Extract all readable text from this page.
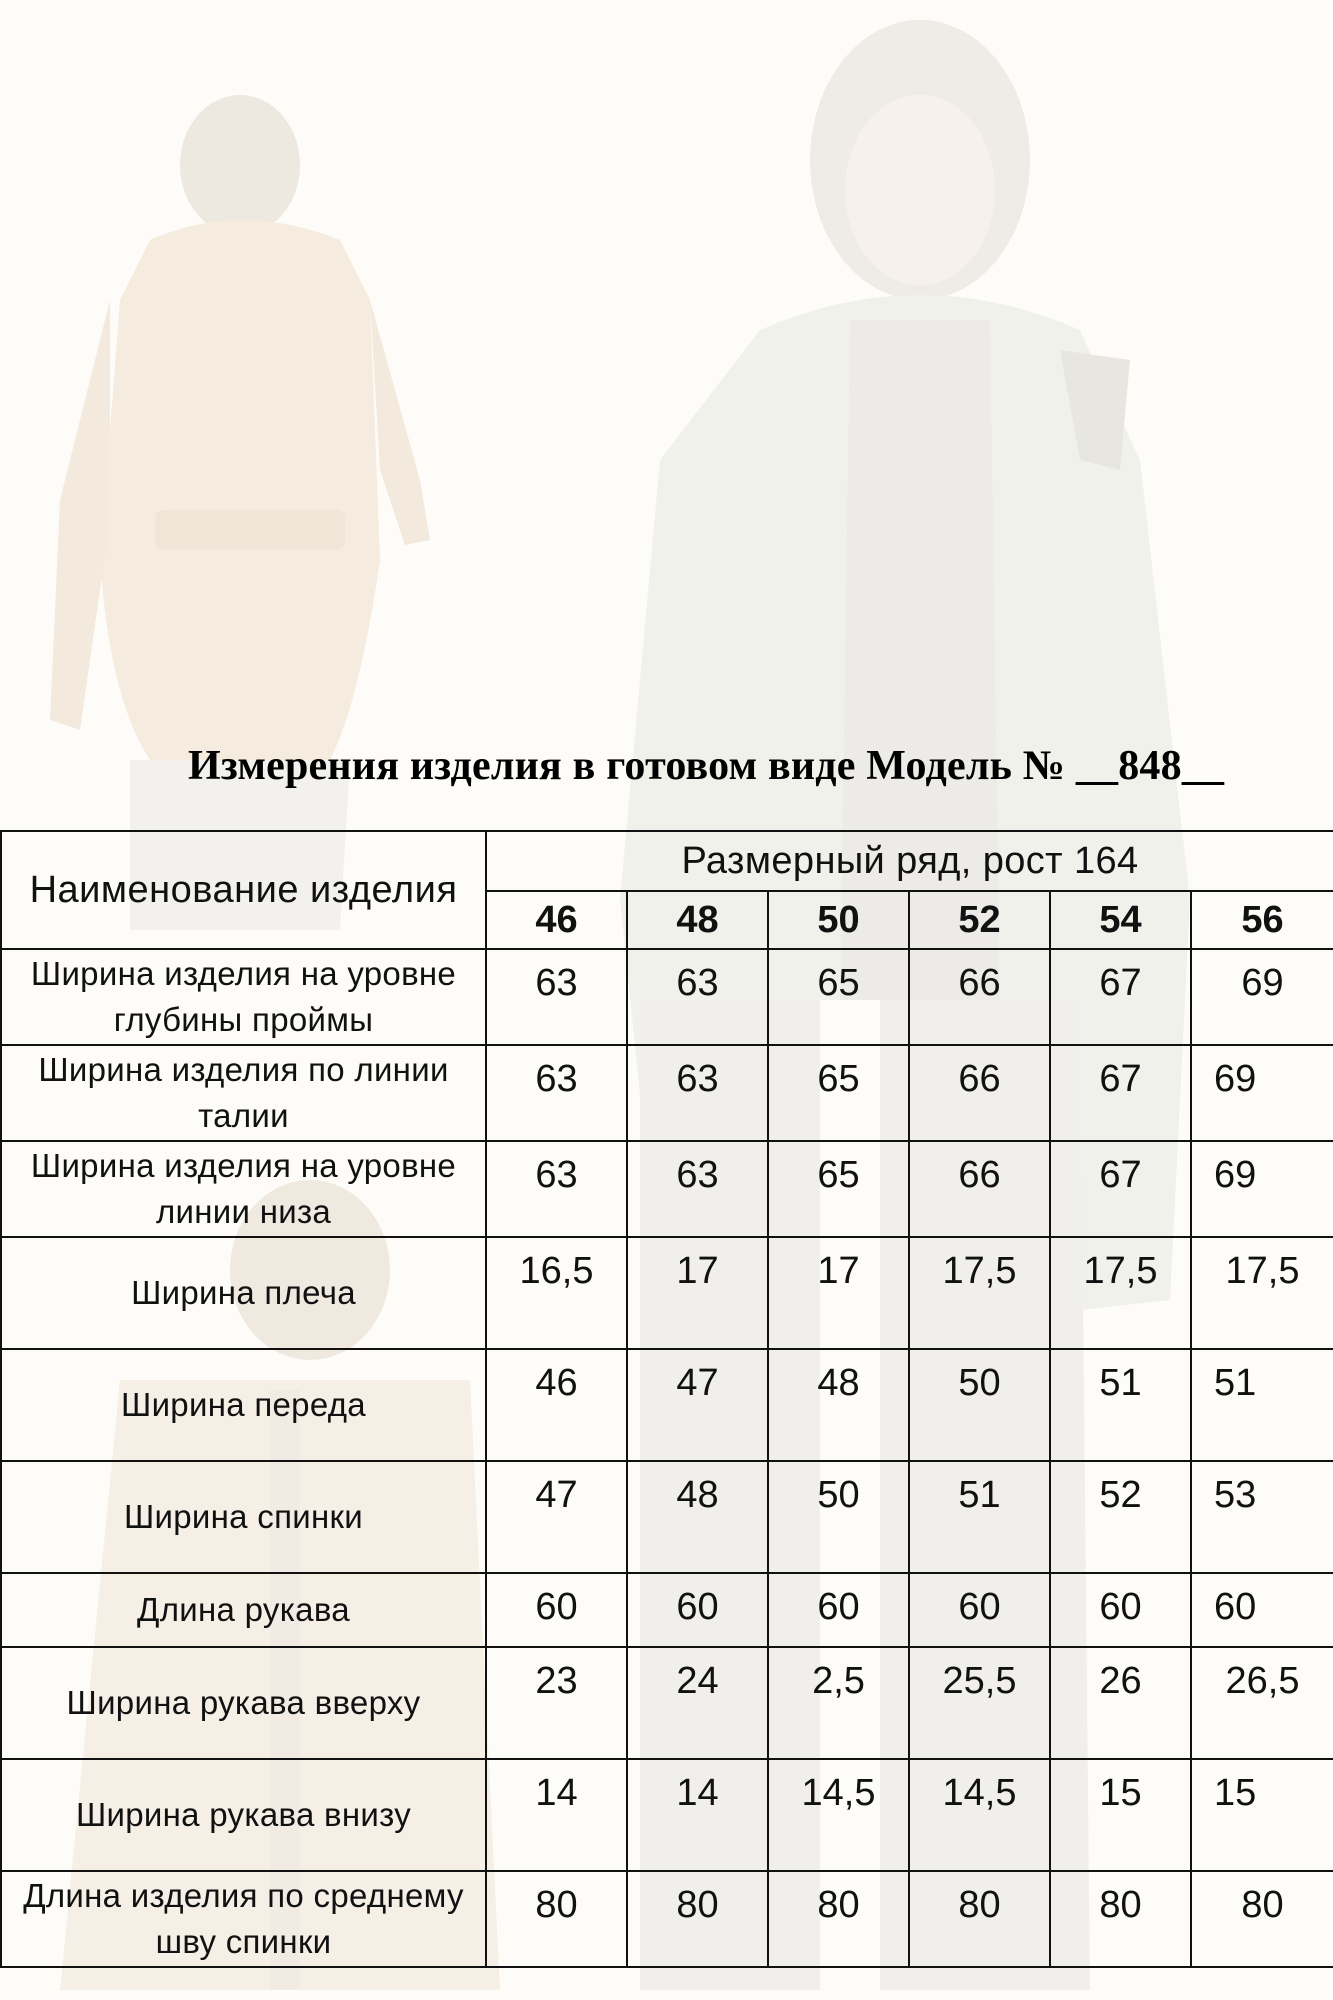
Измерения изделия в готовом виде Модель № __848__
Наименование изделия	Размерный ряд, рост 164					
	46	48	50	52	54	56
Ширина изделия на уровне глубины проймы	63	63	65	66	67	69

Ширина изделия по линии талии	63	63	65	66	67	69

Ширина изделия на уровне линии низа	63	63	65	66	67	69

Ширина плеча	16,5	17	17	17,5	17,5	17,5

Ширина переда	46	47	48	50	51	51

Ширина спинки	47	48	50	51	52	53

Длина рукава	60	60	60	60	60	60

Ширина рукава вверху	23	24	2,5	25,5	26	26,5

Ширина рукава внизу	14	14	14,5	14,5	15	15

Длина изделия по среднему шву спинки	80	80	80	80	80	80
